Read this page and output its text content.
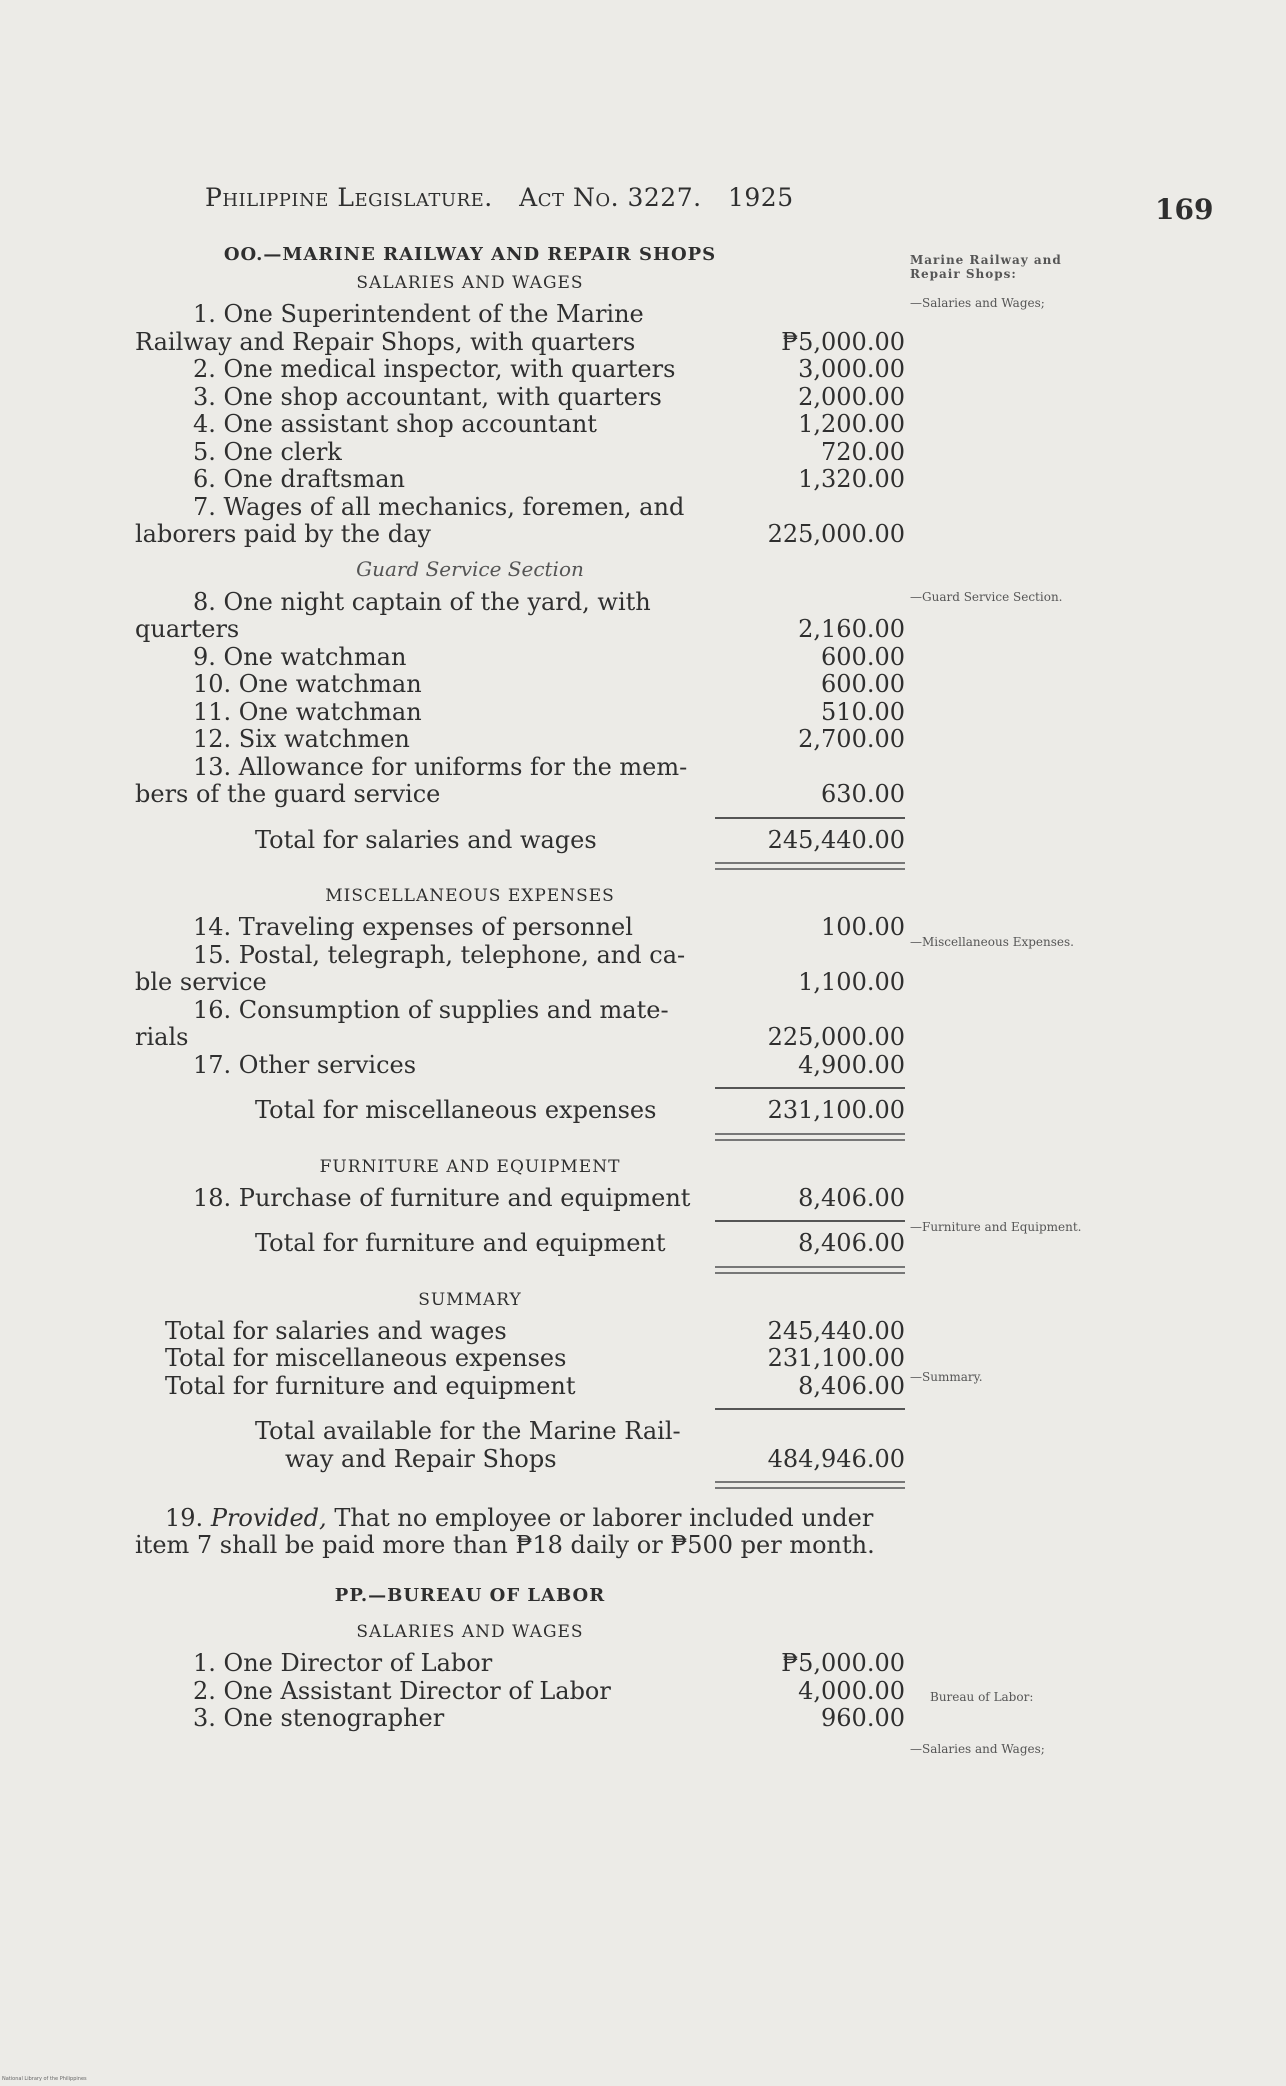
Philippine Legislature. Act No. 3227. 1925	169
Marine Railway and Repair Shops:
—Salaries and Wages;
—Guard Service Section.
—Miscellaneous Expenses.
—Furniture and Equipment.
—Summary.
Bureau of Labor:
—Salaries and Wages;
OO.—MARINE RAILWAY AND REPAIR SHOPS
SALARIES AND WAGES
1. One Superintendent of the Marine
Railway and Repair Shops, with quarters	₱5,000.00
2. One medical inspector, with quarters	3,000.00
3. One shop accountant, with quarters	2,000.00
4. One assistant shop accountant	1,200.00
5. One clerk	720.00
6. One draftsman	1,320.00
7. Wages of all mechanics, foremen, and
laborers paid by the day	225,000.00
Guard Service Section
8. One night captain of the yard, with
quarters	2,160.00
9. One watchman	600.00
10. One watchman	600.00
11. One watchman	510.00
12. Six watchmen	2,700.00
13. Allowance for uniforms for the mem-
bers of the guard service	630.00
Total for salaries and wages	245,440.00
MISCELLANEOUS EXPENSES
14. Traveling expenses of personnel	100.00
15. Postal, telegraph, telephone, and ca-
ble service	1,100.00
16. Consumption of supplies and mate-
rials	225,000.00
17. Other services	4,900.00
Total for miscellaneous expenses	231,100.00
FURNITURE AND EQUIPMENT
18. Purchase of furniture and equipment	8,406.00
Total for furniture and equipment	8,406.00
SUMMARY
Total for salaries and wages	245,440.00
Total for miscellaneous expenses	231,100.00
Total for furniture and equipment	8,406.00
Total available for the Marine Rail-
way and Repair Shops	484,946.00
19. Provided, That no employee or laborer included under item 7 shall be paid more than ₱18 daily or ₱500 per month.
PP.—BUREAU OF LABOR
SALARIES AND WAGES
1. One Director of Labor	₱5,000.00
2. One Assistant Director of Labor	4,000.00
3. One stenographer	960.00
National Library of the Philippines
